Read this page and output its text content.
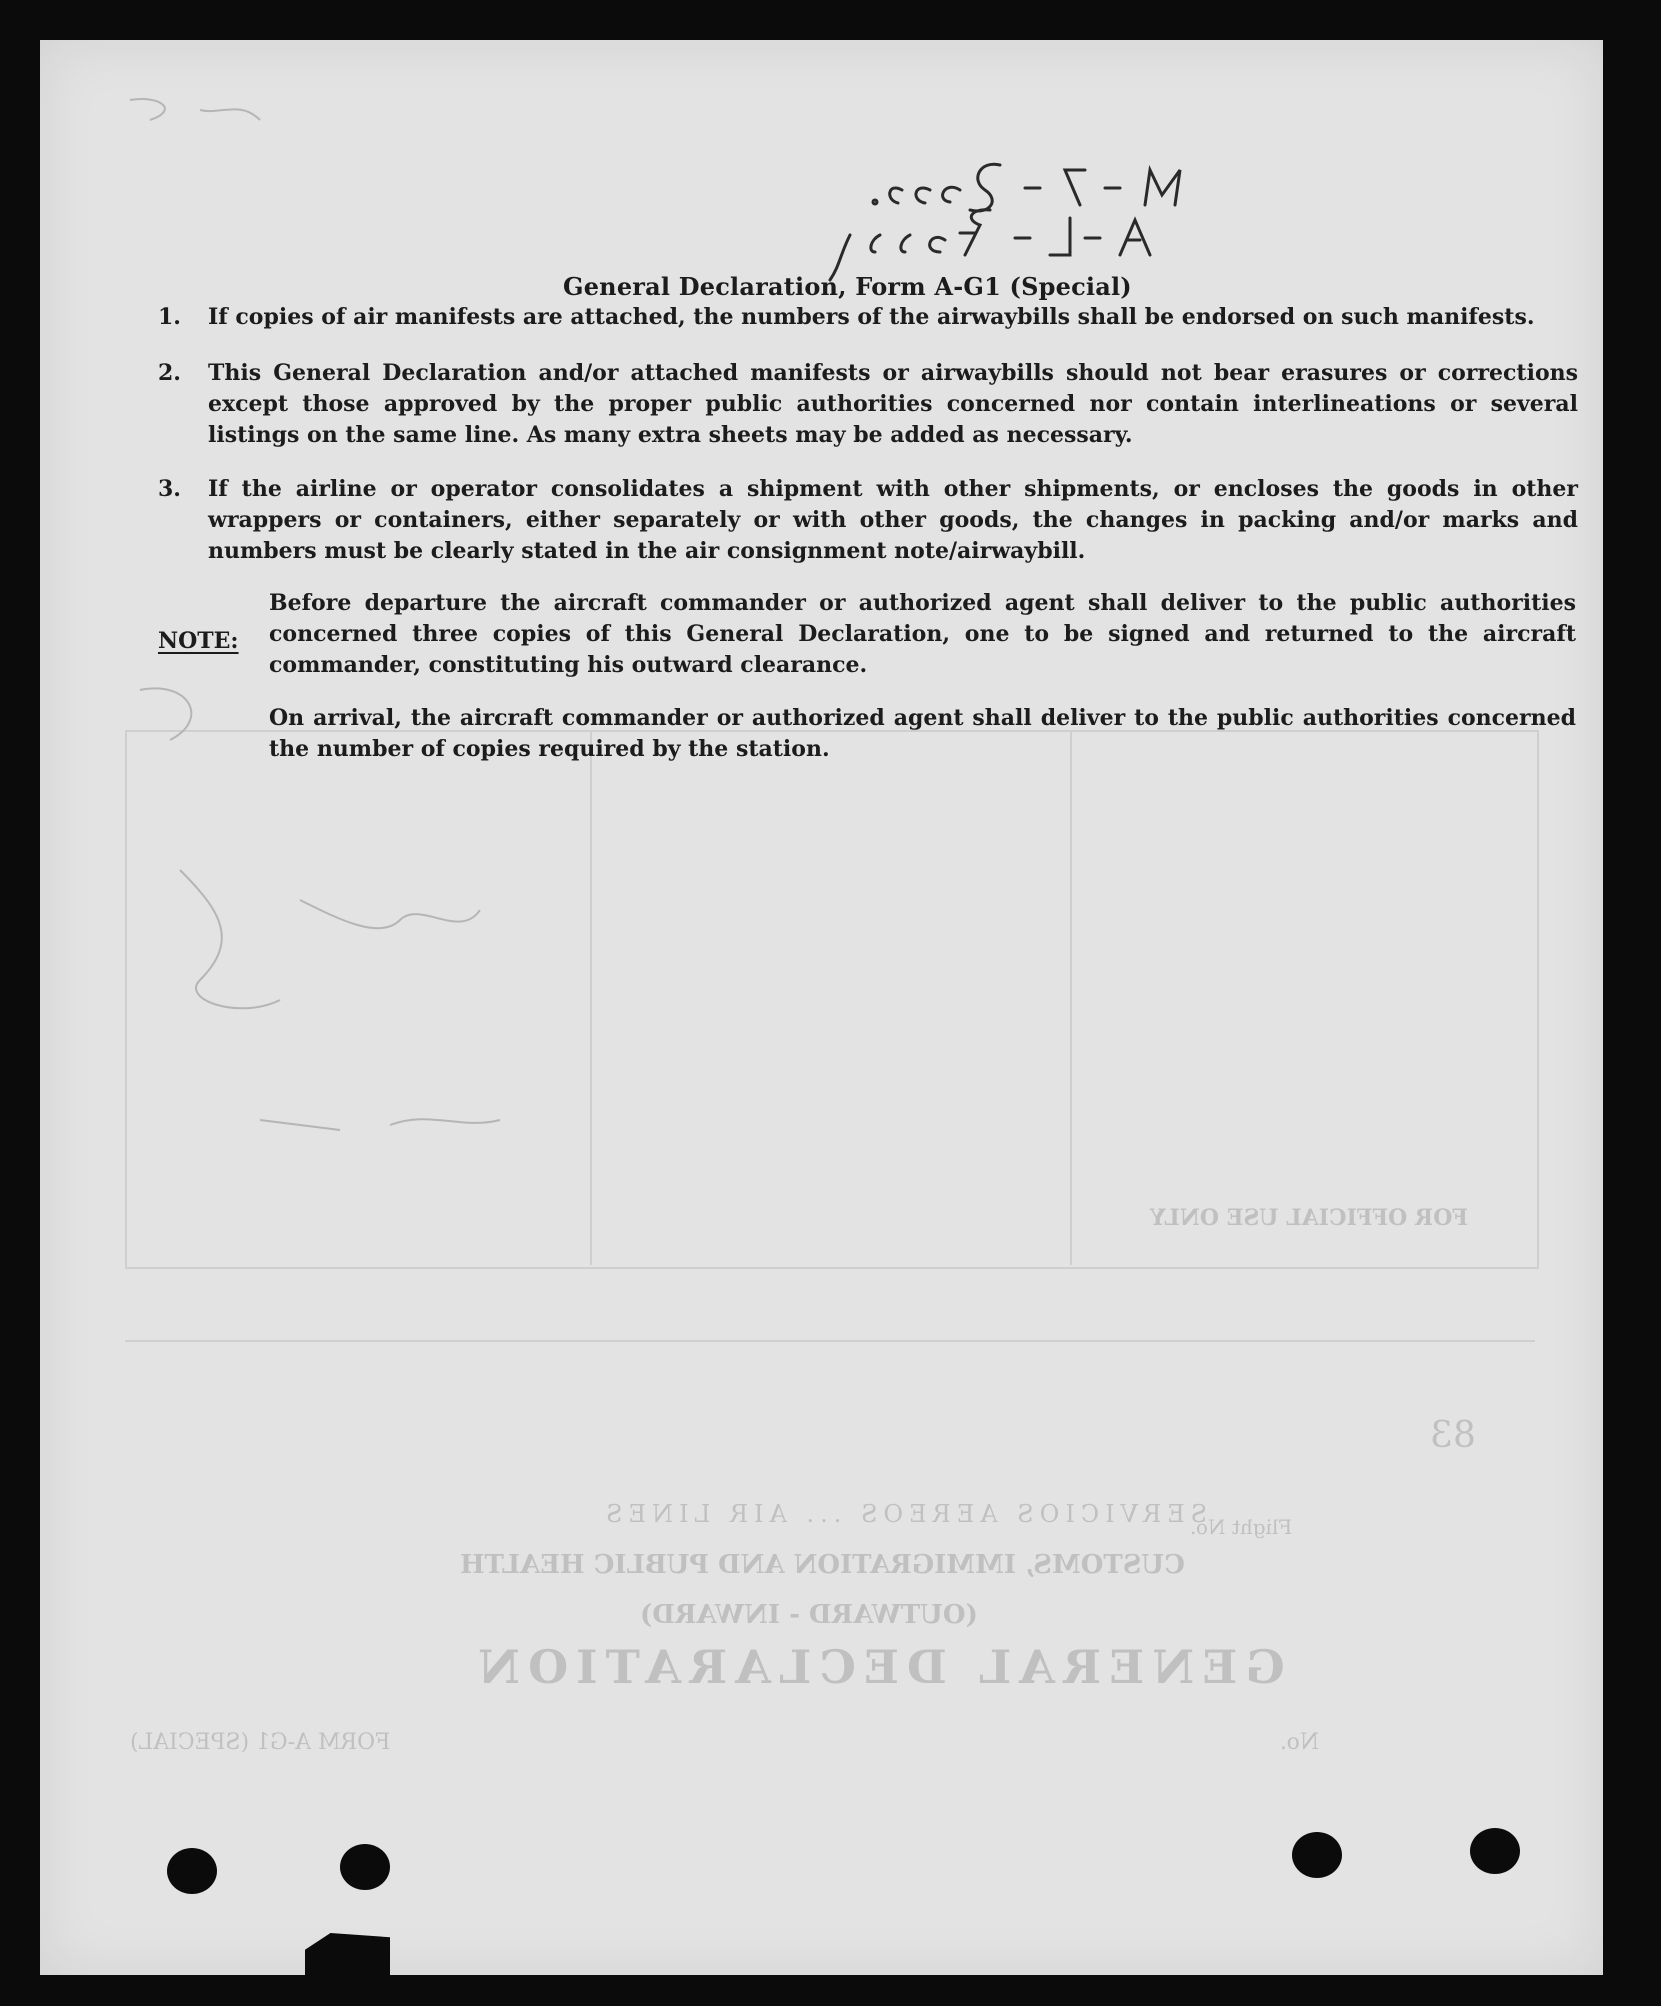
GENERAL DECLARATION
(OUTWARD - INWARD)
CUSTOMS, IMMIGRATION AND PUBLIC HEALTH
SERVICIOS AEREOS ... AIR LINES
FOR OFFICIAL USE ONLY
83
FORM A-G1 (SPECIAL)
Flight No.
No.
General Declaration, Form A-G1 (Special)
1.	If copies of air manifests are attached, the numbers of the airwaybills shall be endorsed on such manifests.
2.	This General Declaration and/or attached manifests or airwaybills should not bear erasures or corrections except those approved by the proper public authorities concerned nor contain interlineations or several listings on the same line. As many extra sheets may be added as necessary.
3.	If the airline or operator consolidates a shipment with other shipments, or encloses the goods in other wrappers or containers, either separately or with other goods, the changes in packing and/or marks and numbers must be clearly stated in the air consignment note/airwaybill.
NOTE:
Before departure the aircraft commander or authorized agent shall deliver to the public authorities concerned three copies of this General Declaration, one to be signed and returned to the aircraft commander, constituting his outward clearance.
On arrival, the aircraft commander or authorized agent shall deliver to the public authorities concerned the number of copies required by the station.
